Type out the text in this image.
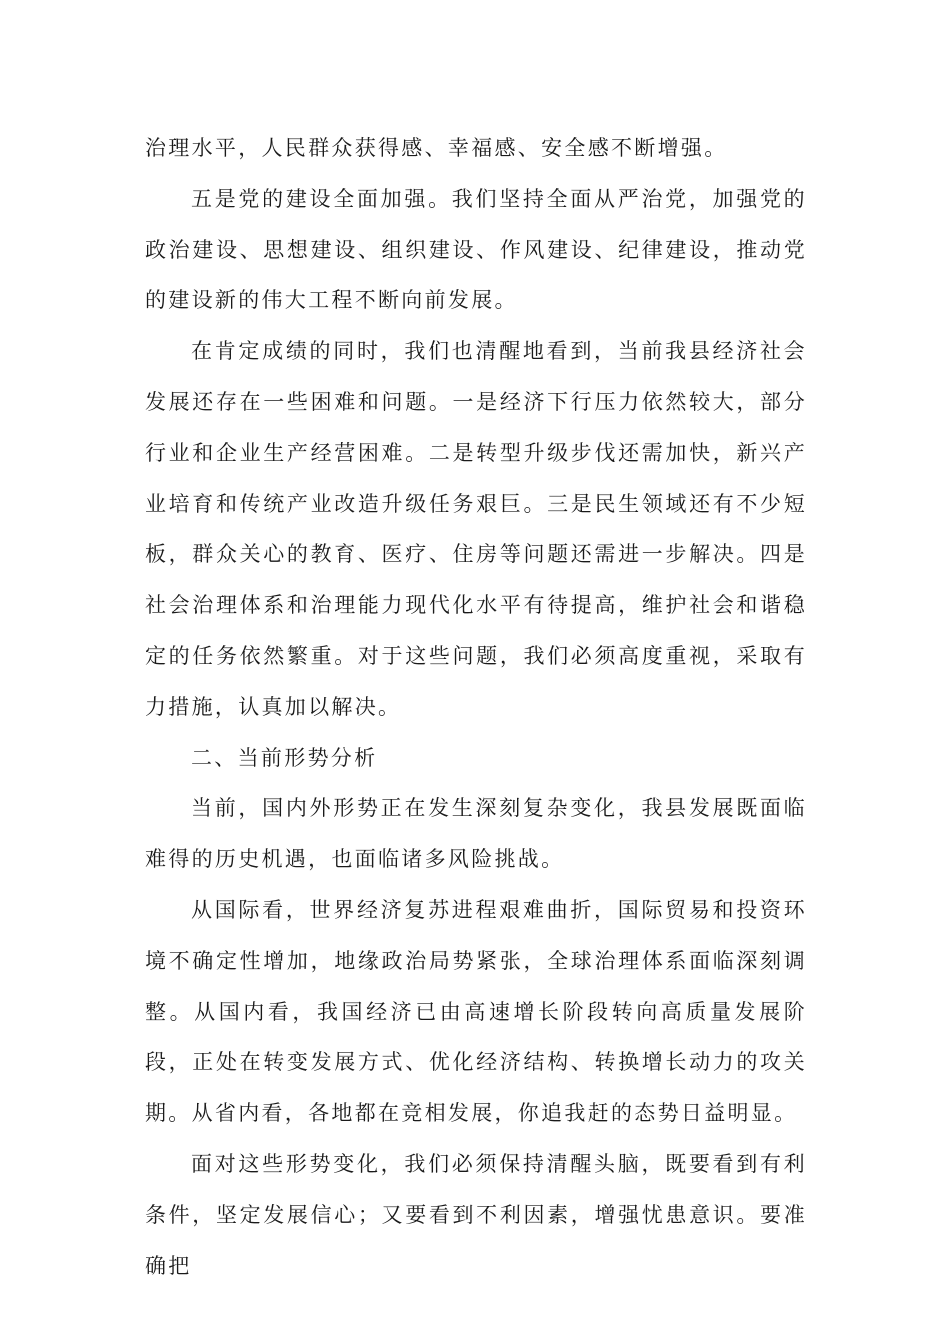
治理水平，人民群众获得感、幸福感、安全感不断增强。

五是党的建设全面加强。我们坚持全面从严治党，加强党的政治建设、思想建设、组织建设、作风建设、纪律建设，推动党的建设新的伟大工程不断向前发展。

在肯定成绩的同时，我们也清醒地看到，当前我县经济社会发展还存在一些困难和问题。一是经济下行压力依然较大，部分行业和企业生产经营困难。二是转型升级步伐还需加快，新兴产业培育和传统产业改造升级任务艰巨。三是民生领域还有不少短板，群众关心的教育、医疗、住房等问题还需进一步解决。四是社会治理体系和治理能力现代化水平有待提高，维护社会和谐稳定的任务依然繁重。对于这些问题，我们必须高度重视，采取有力措施，认真加以解决。

二、当前形势分析

当前，国内外形势正在发生深刻复杂变化，我县发展既面临难得的历史机遇，也面临诸多风险挑战。

从国际看，世界经济复苏进程艰难曲折，国际贸易和投资环境不确定性增加，地缘政治局势紧张，全球治理体系面临深刻调整。从国内看，我国经济已由高速增长阶段转向高质量发展阶段，正处在转变发展方式、优化经济结构、转换增长动力的攻关期。从省内看，各地都在竞相发展，你追我赶的态势日益明显。

面对这些形势变化，我们必须保持清醒头脑，既要看到有利条件，坚定发展信心；又要看到不利因素，增强忧患意识。要准确把
